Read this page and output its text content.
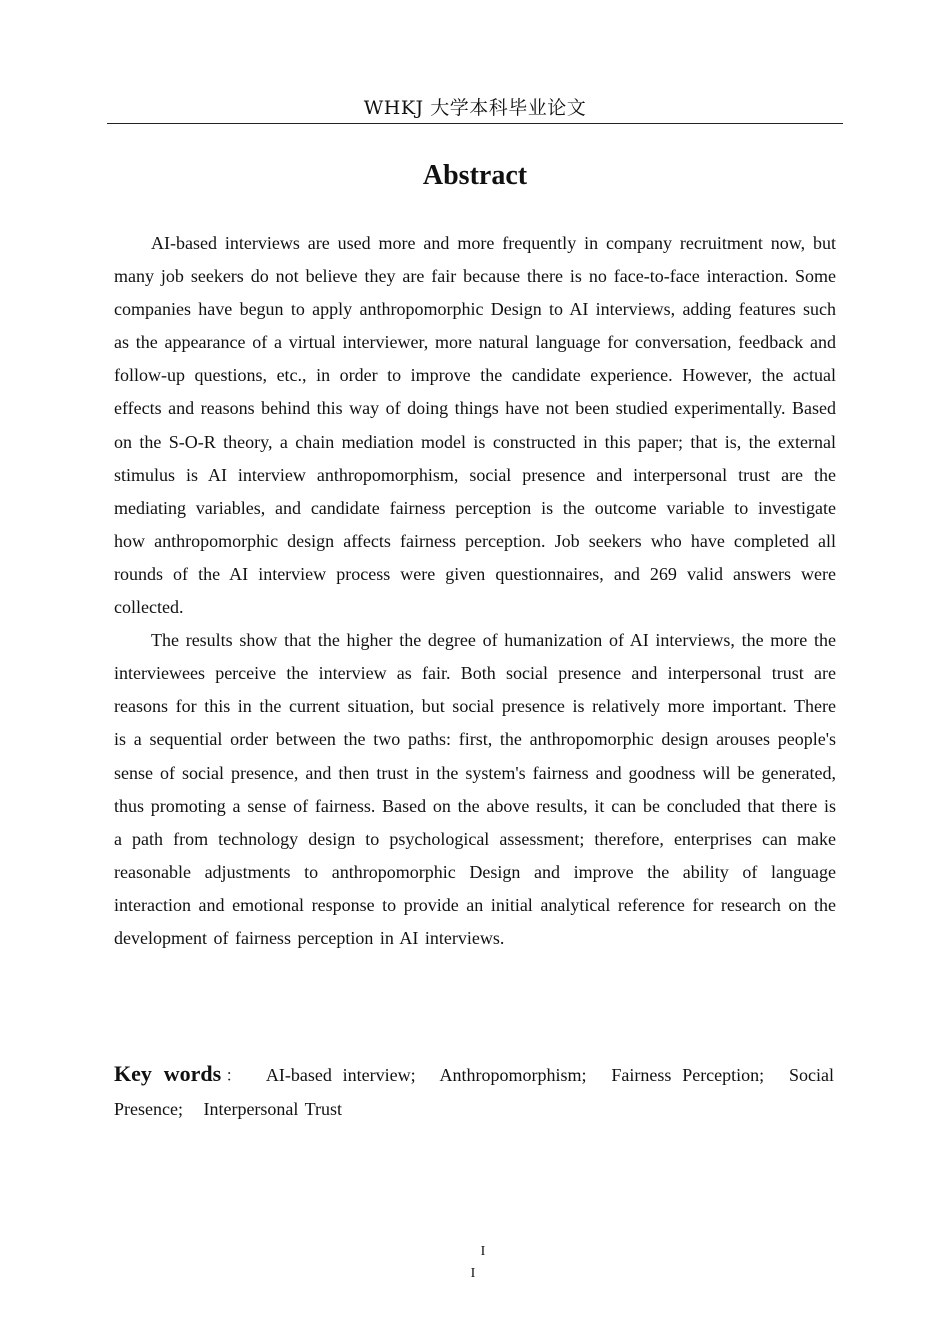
WHKJ 大学本科毕业论文
Abstract

AI-based interviews are used more and more frequently in company recruitment now, but many job seekers do not believe they are fair because there is no face-to-face interaction. Some companies have begun to apply anthropomorphic Design to AI interviews, adding features such as the appearance of a virtual interviewer, more natural language for conversation, feedback and follow-up questions, etc., in order to improve the candidate experience. However, the actual effects and reasons behind this way of doing things have not been studied experimentally. Based on the S-O-R theory, a chain mediation model is constructed in this paper; that is, the external stimulus is AI interview anthropomorphism, social presence and interpersonal trust are the mediating variables, and candidate fairness perception is the outcome variable to investigate how anthropomorphic design affects fairness perception. Job seekers who have completed all rounds of the AI interview process were given questionnaires, and 269 valid answers were collected.

The results show that the higher the degree of humanization of AI interviews, the more the interviewees perceive the interview as fair. Both social presence and interpersonal trust are reasons for this in the current situation, but social presence is relatively more important. There is a sequential order between the two paths: first, the anthropomorphic design arouses people's sense of social presence, and then trust in the system's fairness and goodness will be generated, thus promoting a sense of fairness. Based on the above results, it can be concluded that there is a path from technology design to psychological assessment; therefore, enterprises can make reasonable adjustments to anthropomorphic Design and improve the ability of language interaction and emotional response to provide an initial analytical reference for research on the development of fairness perception in AI interviews.

Key words： AI-based interview; Anthropomorphism; Fairness Perception; Social Presence; Interpersonal Trust
I
I
